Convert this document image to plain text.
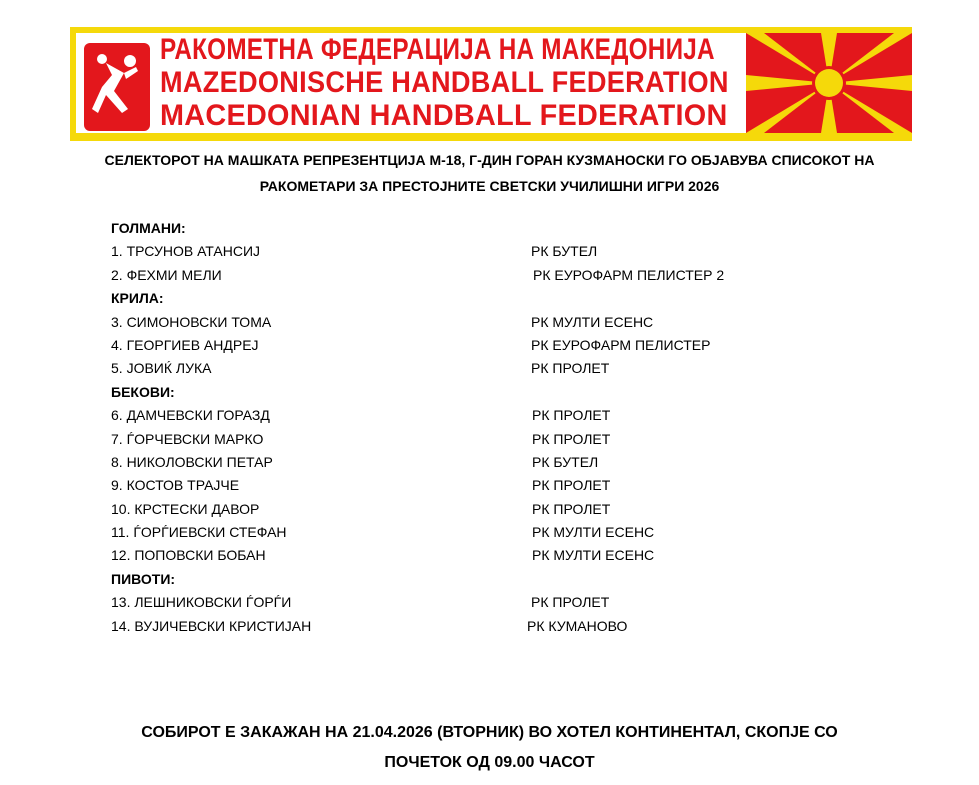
РАКОМЕТНА ФЕДЕРАЦИЈА НА МАКЕДОНИЈА
MAZEDONISCHE HANDBALL FEDERATION
MACEDONIAN HANDBALL FEDERATION
СЕЛЕКТОРОТ НА МАШКАТА РЕПРЕЗЕНТЦИЈА М-18, Г-ДИН ГОРАН КУЗМАНОСКИ ГО ОБЈАВУВА СПИСОКОТ НА
РАКОМЕТАРИ ЗА ПРЕСТОЈНИТЕ СВЕТСКИ УЧИЛИШНИ ИГРИ 2026
ГОЛМАНИ:
1. ТРСУНОВ АТАНСИЈ	РК БУТЕЛ
2. ФЕХМИ МЕЛИ	РК ЕУРОФАРМ ПЕЛИСТЕР 2
КРИЛА:
3. СИМОНОВСКИ ТОМА	РК МУЛТИ ЕСЕНС
4. ГЕОРГИЕВ АНДРЕЈ	РК ЕУРОФАРМ ПЕЛИСТЕР
5. ЈОВИЌ ЛУКА	РК ПРОЛЕТ
БЕКОВИ:
6. ДАМЧЕВСКИ ГОРАЗД	РК ПРОЛЕТ
7. ЃОРЧЕВСКИ МАРКО	РК ПРОЛЕТ
8. НИКОЛОВСКИ ПЕТАР	РК БУТЕЛ
9. КОСТОВ ТРАЈЧЕ	РК ПРОЛЕТ
10. КРСТЕСКИ ДАВОР	РК ПРОЛЕТ
11. ЃОРЃИЕВСКИ СТЕФАН	РК МУЛТИ ЕСЕНС
12. ПОПОВСКИ БОБАН	РК МУЛТИ ЕСЕНС
ПИВОТИ:
13. ЛЕШНИКОВСКИ ЃОРЃИ	РК ПРОЛЕТ
14. ВУЈИЧЕВСКИ КРИСТИЈАН	РК КУМАНОВО
СОБИРОТ Е ЗАКАЖАН НА 21.04.2026 (ВТОРНИК) ВО ХОТЕЛ КОНТИНЕНТАЛ, СКОПЈЕ СО
ПОЧЕТОК ОД 09.00 ЧАСОТ
